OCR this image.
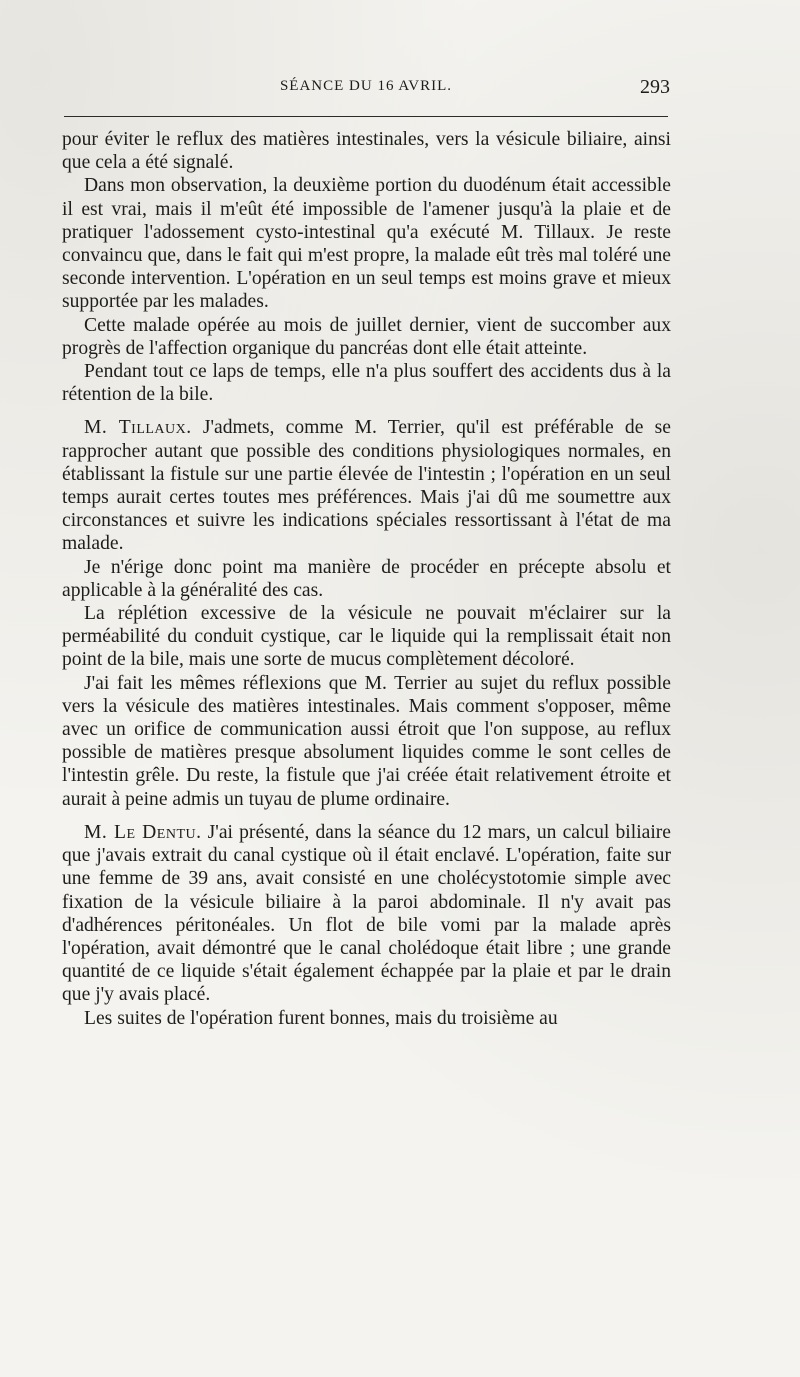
SÉANCE DU 16 AVRIL.	293

pour éviter le reflux des matières intestinales, vers la vésicule biliaire, ainsi que cela a été signalé.

Dans mon observation, la deuxième portion du duodénum était accessible il est vrai, mais il m'eût été impossible de l'amener jusqu'à la plaie et de pratiquer l'adossement cysto-intestinal qu'a exécuté M. Tillaux. Je reste convaincu que, dans le fait qui m'est propre, la malade eût très mal toléré une seconde intervention. L'opération en un seul temps est moins grave et mieux supportée par les malades.

Cette malade opérée au mois de juillet dernier, vient de succomber aux progrès de l'affection organique du pancréas dont elle était atteinte.

Pendant tout ce laps de temps, elle n'a plus souffert des accidents dus à la rétention de la bile.

M. Tillaux. J'admets, comme M. Terrier, qu'il est préférable de se rapprocher autant que possible des conditions physiologiques normales, en établissant la fistule sur une partie élevée de l'intestin ; l'opération en un seul temps aurait certes toutes mes préférences. Mais j'ai dû me soumettre aux circonstances et suivre les indications spéciales ressortissant à l'état de ma malade.

Je n'érige donc point ma manière de procéder en précepte absolu et applicable à la généralité des cas.

La réplétion excessive de la vésicule ne pouvait m'éclairer sur la perméabilité du conduit cystique, car le liquide qui la remplissait était non point de la bile, mais une sorte de mucus complètement décoloré.

J'ai fait les mêmes réflexions que M. Terrier au sujet du reflux possible vers la vésicule des matières intestinales. Mais comment s'opposer, même avec un orifice de communication aussi étroit que l'on suppose, au reflux possible de matières presque absolument liquides comme le sont celles de l'intestin grêle. Du reste, la fistule que j'ai créée était relativement étroite et aurait à peine admis un tuyau de plume ordinaire.

M. Le Dentu. J'ai présenté, dans la séance du 12 mars, un calcul biliaire que j'avais extrait du canal cystique où il était enclavé. L'opération, faite sur une femme de 39 ans, avait consisté en une cholécystotomie simple avec fixation de la vésicule biliaire à la paroi abdominale. Il n'y avait pas d'adhérences péritonéales. Un flot de bile vomi par la malade après l'opération, avait démontré que le canal cholédoque était libre ; une grande quantité de ce liquide s'était également échappée par la plaie et par le drain que j'y avais placé.

Les suites de l'opération furent bonnes, mais du troisième au
